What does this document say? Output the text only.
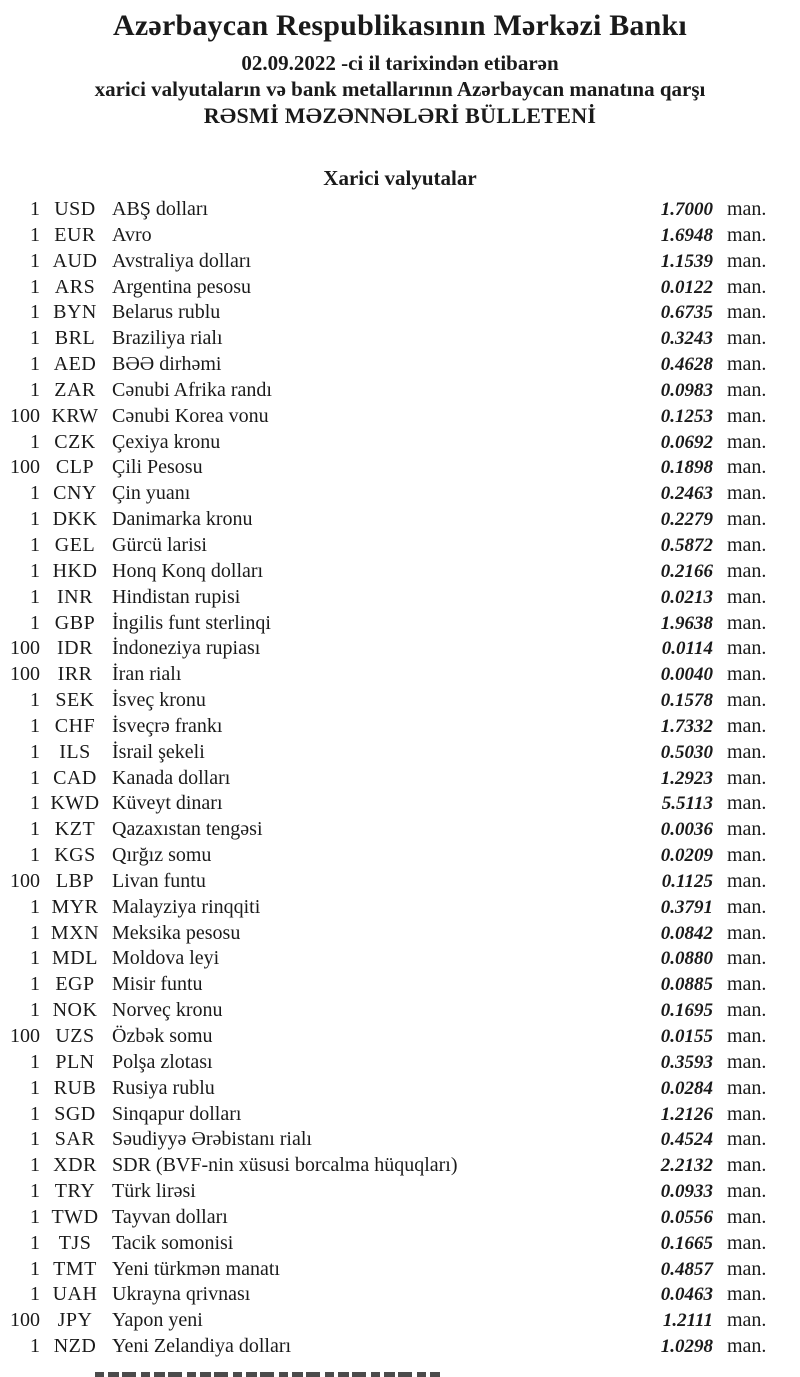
Azərbaycan Respublikasının Mərkəzi Bankı
02.09.2022 -ci il tarixindən etibarən
xarici valyutaların və bank metallarının Azərbaycan manatına qarşı
RƏSMİ MƏZƏNNƏLƏRİ BÜLLETENİ
Xarici valyutalar
1 USD ABŞ dolları	1.7000 man.
1 EUR Avro	1.6948 man.
1 AUD Avstraliya dolları	1.1539 man.
1 ARS Argentina pesosu	0.0122 man.
1 BYN Belarus rublu	0.6735 man.
1 BRL Braziliya rialı	0.3243 man.
1 AED BƏƏ dirhəmi	0.4628 man.
1 ZAR Cənubi Afrika randı	0.0983 man.
100 KRW Cənubi Korea vonu	0.1253 man.
1 CZK Çexiya kronu	0.0692 man.
100 CLP Çili Pesosu	0.1898 man.
1 CNY Çin yuanı	0.2463 man.
1 DKK Danimarka kronu	0.2279 man.
1 GEL Gürcü larisi	0.5872 man.
1 HKD Honq Konq dolları	0.2166 man.
1 INR Hindistan rupisi	0.0213 man.
1 GBP İngilis funt sterlinqi	1.9638 man.
100 IDR İndoneziya rupiası	0.0114 man.
100 IRR İran rialı	0.0040 man.
1 SEK İsveç kronu	0.1578 man.
1 CHF İsveçrə frankı	1.7332 man.
1 ILS	İsrail şekeli	0.5030 man.
1 CAD Kanada dolları	1.2923 man.
1 KWD Küveyt dinarı	5.5113 man.
1 KZT Qazaxıstan tengəsi	0.0036 man.
1 KGS Qırğız somu	0.0209 man.
100 LBP Livan funtu	0.1125 man.
1 MYR Malayziya rinqqiti	0.3791 man.
1 MXN Meksika pesosu	0.0842 man.
1 MDL Moldova leyi	0.0880 man.
1 EGP Misir funtu	0.0885 man.
1 NOK Norveç kronu	0.1695 man.
100 UZS Özbək somu	0.0155 man.
1 PLN Polşa zlotası	0.3593 man.
1 RUB Rusiya rublu	0.0284 man.
1 SGD Sinqapur dolları	1.2126 man.
1 SAR Səudiyyə Ərəbistanı rialı	0.4524 man.
1 XDR SDR (BVF-nin xüsusi borcalma hüquqları)	2.2132 man.
1 TRY Türk lirəsi	0.0933 man.
1 TWD Tayvan dolları	0.0556 man.
1 TJS	Tacik somonisi	0.1665 man.
1 TMT Yeni türkmən manatı	0.4857 man.
1 UAH Ukrayna qrivnası	0.0463 man.
100 JPY Yapon yeni	1.2111 man.
1 NZD Yeni Zelandiya dolları	1.0298 man.
